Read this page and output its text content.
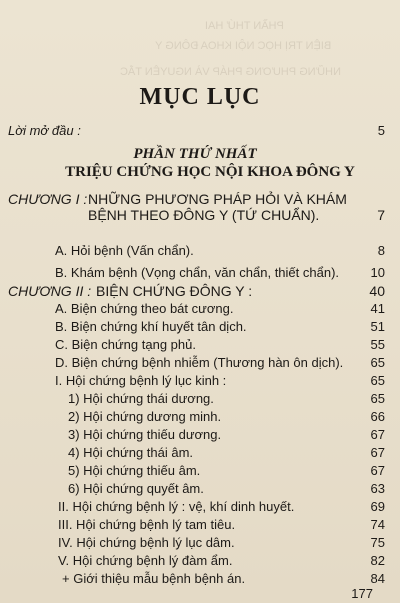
PHẦN THỨ HAI
BIỆN TRỊ HỌC NỘI KHOA ĐÔNG Y
NHỮNG PHƯƠNG PHÁP VÀ NGUYÊN TẮC
MỤC LỤC
Lời mở đầu :	5
PHẦN THỨ NHẤT
TRIỆU CHỨNG HỌC NỘI KHOA ĐÔNG Y
CHƯƠNG I : NHỮNG PHƯƠNG PHÁP HỎI VÀ KHÁM
BỆNH THEO ĐÔNG Y (TỨ CHUẨN).	7
A. Hỏi bệnh (Vấn chẩn).	8
B. Khám bệnh (Vọng chẩn, văn chẩn, thiết chẩn). 10
CHƯƠNG II : BIỆN CHỨNG ĐÔNG Y :	40
A. Biện chứng theo bát cương.	41
B. Biện chứng khí huyết tân dịch.	51
C. Biện chứng tạng phủ.	55
D. Biện chứng bệnh nhiễm (Thương hàn ôn dịch). 65
I. Hội chứng bệnh lý lục kinh :	65
1) Hội chứng thái dương.	65
2) Hội chứng dương minh.	66
3) Hội chứng thiếu dương.	67
4) Hội chứng thái âm.	67
5) Hội chứng thiếu âm.	67
6) Hội chứng quyết âm.	63
II. Hội chứng bệnh lý : vệ, khí dinh huyết.	69
III. Hội chứng bệnh lý tam tiêu.	74
IV. Hội chứng bệnh lý lục dâm.	75
V. Hội chứng bệnh lý đàm ẩm.	82
+ Giới thiệu mẫu bệnh bệnh án.	84
177
